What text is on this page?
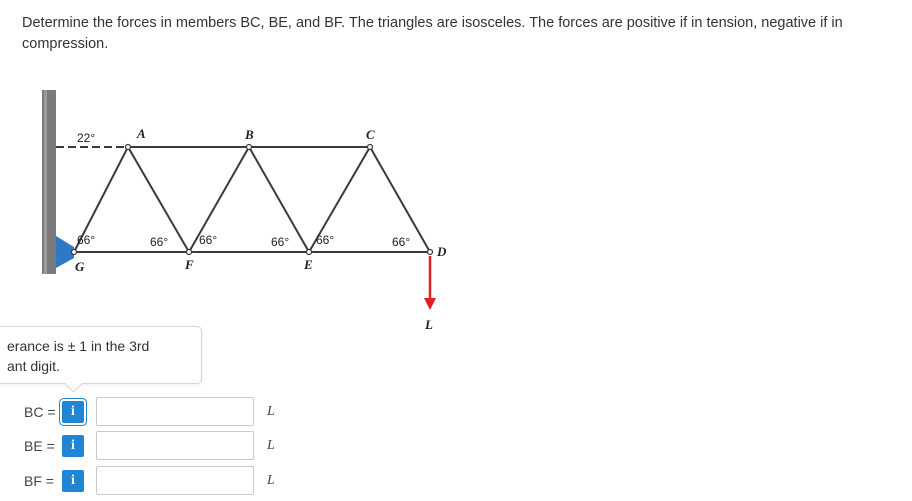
Determine the forces in members BC, BE, and BF. The triangles are isosceles. The forces are positive if in tension, negative if in compression.
22°
66°	66°	66°	66° 66°	66°
A	B	C
D
E
F
G
L
erance is ± 1 in the 3rd
ant digit.
BC =	i	L
BE =	i	L
BF =	i	L
